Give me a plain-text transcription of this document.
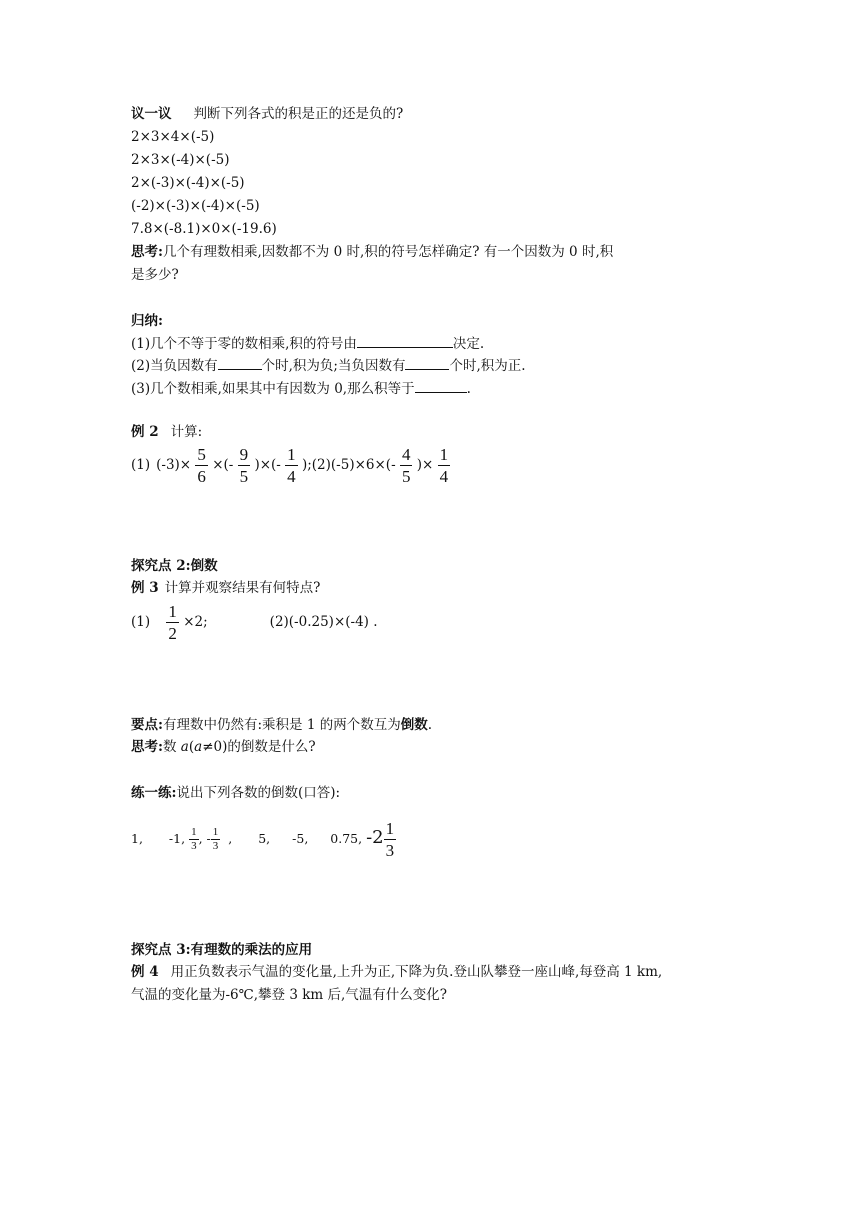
议一议 判断下列各式的积是正的还是负的?
2×3×4×(-5)
2×3×(-4)×(-5)
2×(-3)×(-4)×(-5)
(-2)×(-3)×(-4)×(-5)
7.8×(-8.1)×0×(-19.6)
思考:几个有理数相乘,因数都不为 0 时,积的符号怎样确定? 有一个因数为 0 时,积
是多少?
归纳:
(1)几个不等于零的数相乘,积的符号由	决定.
(2)当负因数有	个时,积为负;当负因数有	个时,积为正.
(3)几个数相乘,如果其中有因数为 0,那么积等于	.
例 2 计算:
(1) $(-3)\times \frac{5}{6}$ ×(- $\frac{9}{5}$ )×(- $\frac{1}{4}$ );(2)(-5)×6×(- $\frac{4}{5}$ )× $\frac{1}{4}$
探究点 2:倒数
例 3 计算并观察结果有何特点?
$(1) \frac{1}{2} \times 2$;	(2)(-0.25)×(-4) .
要点:有理数中仍然有:乘积是 1 的两个数互为倒数.
思考:数 a(a≠0)的倒数是什么?
练一练:说出下列各数的倒数(口答):
1, -1, $\frac{1}{3}$ , - $\frac{1}{3}$ , 5, -5, 0.75, $-2 \frac{1}{3}$
探究点 3:有理数的乘法的应用
例 4 用正负数表示气温的变化量,上升为正,下降为负.登山队攀登一座山峰,每登高 1 km,
气温的变化量为-6℃,攀登 3 km 后,气温有什么变化?
